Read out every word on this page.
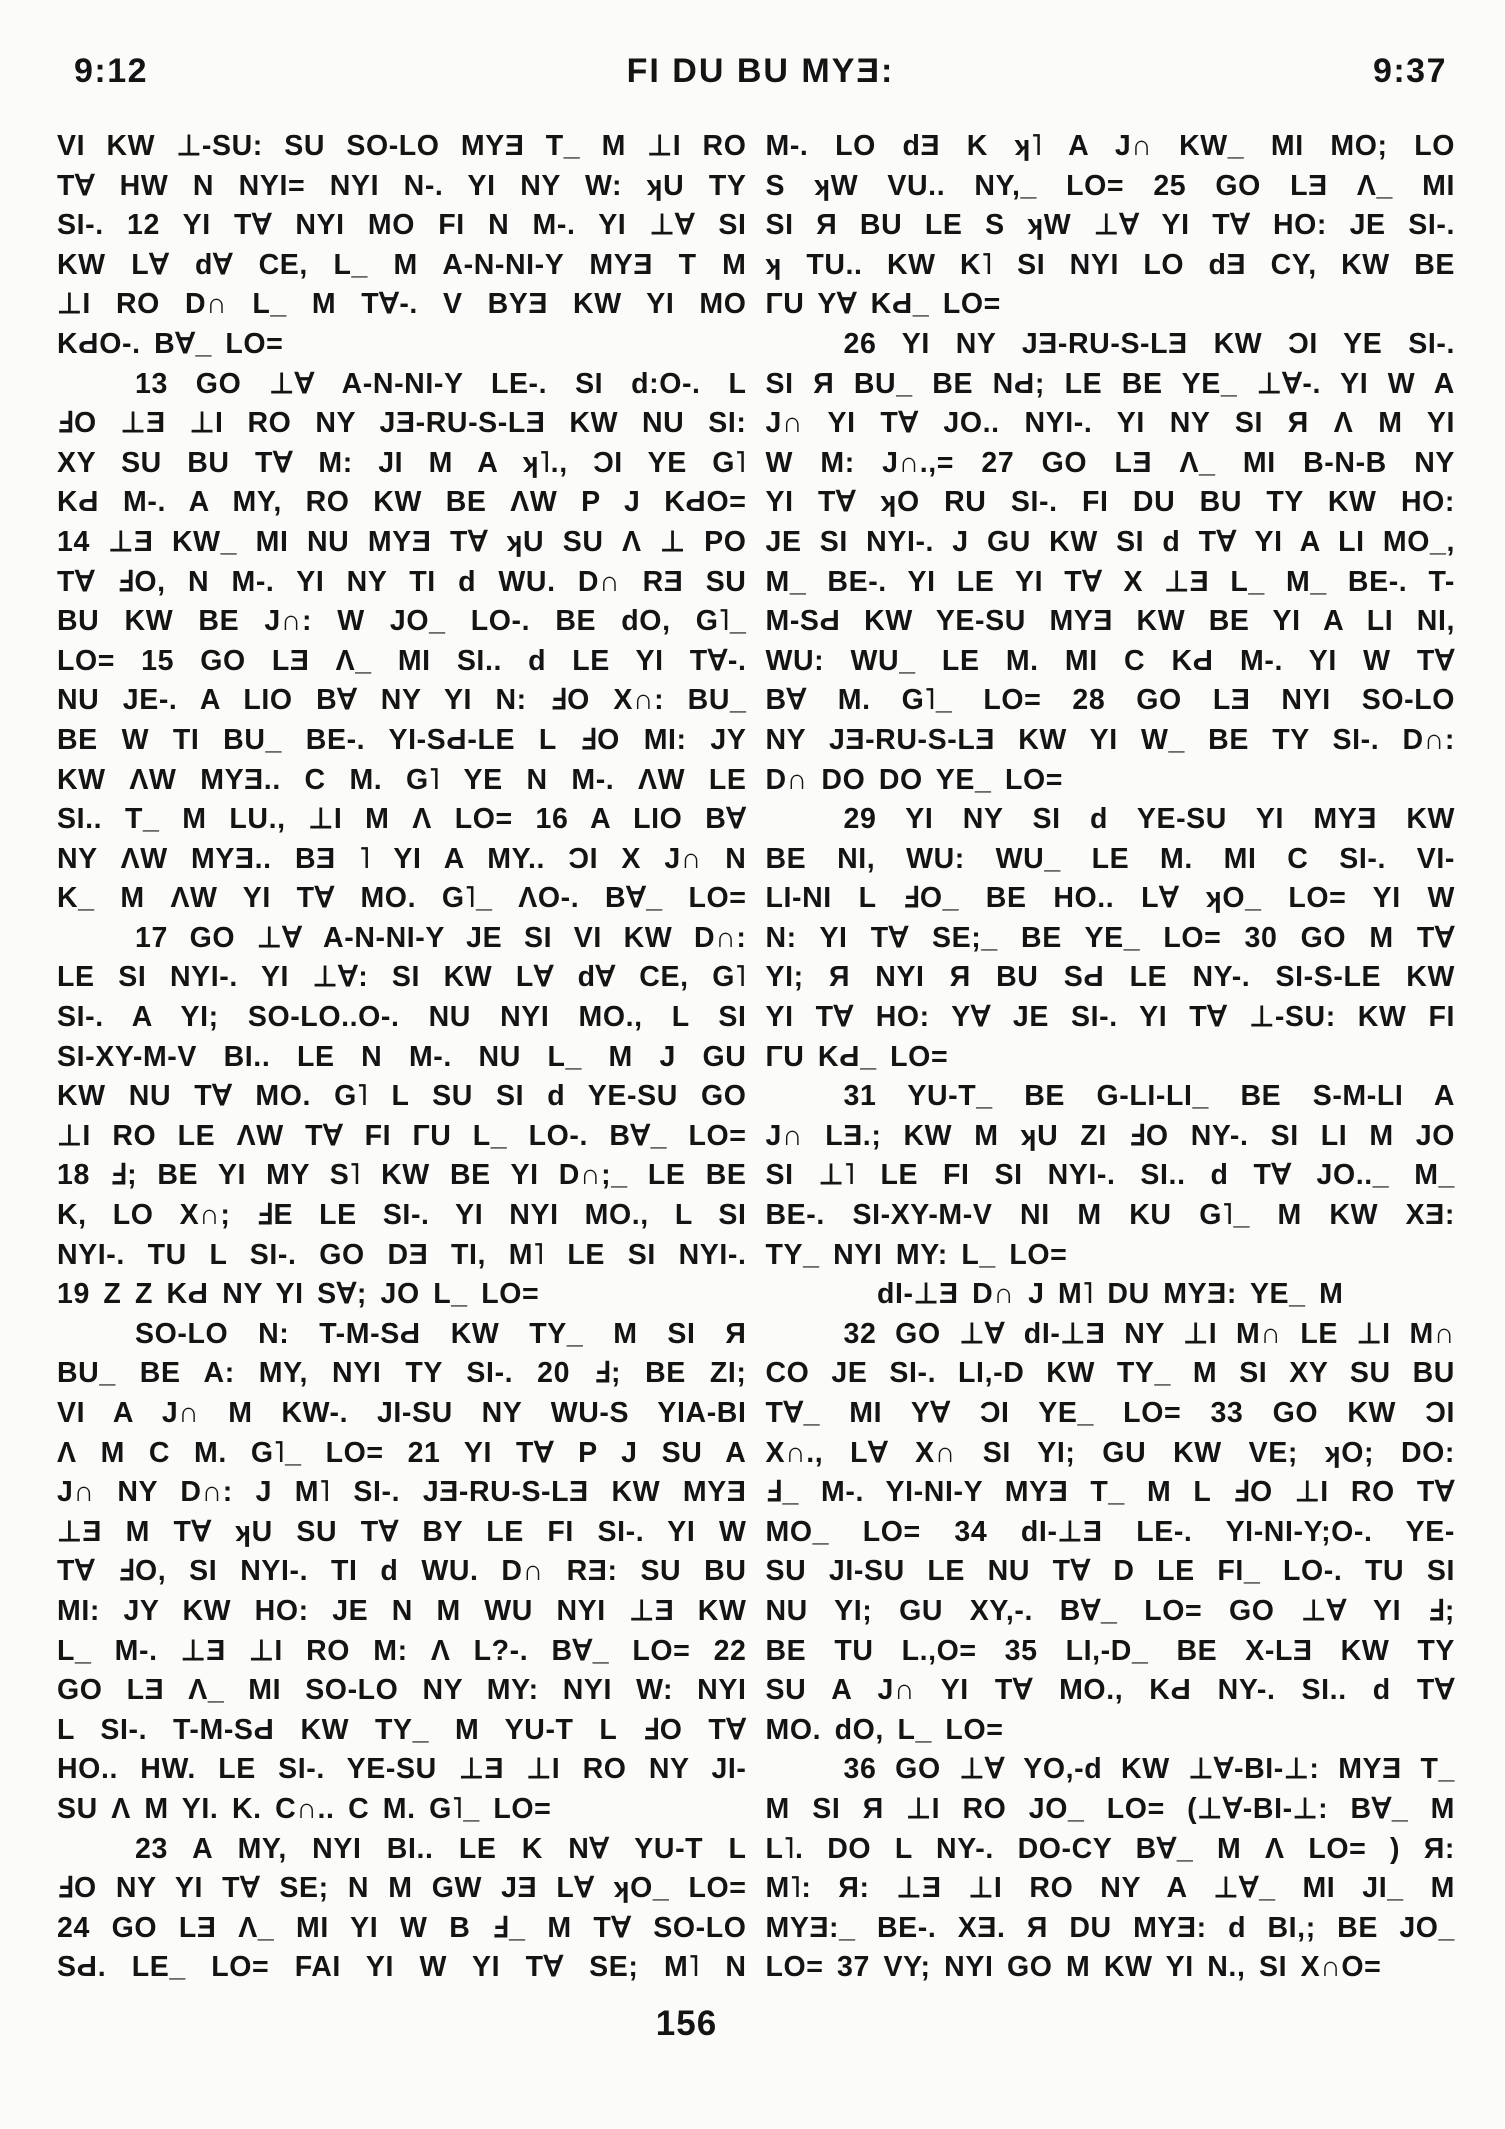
9:12	FI DU BU MYƎ:	9:37
VI KW ⊥-SU: SU SO-LO MYƎ T_ M ⊥I RO
T∀ HW N NYI= NYI N-. YI NY W: ʞU TY
SI-. 12 YI T∀ NYI MO FI N M-. YI ⊥∀ SI
KW L∀ d∀ CE, L_ M A-N-NI-Y MYƎ T M
⊥I RO D∩ L_ M T∀-. V BYƎ KW YI MO
KԀO-. B∀_ LO=
13 GO ⊥∀ A-N-NI-Y LE-. SI d:O-. L
ℲO ⊥Ǝ ⊥I RO NY JƎ-RU-S-LƎ KW NU SI:
XY SU BU T∀ M: JI M A ʞ˥., ƆI YE G˥
KԀ M-. A MY, RO KW BE ΛW P J KԀO=
14 ⊥Ǝ KW_ MI NU MYƎ T∀ ʞU SU Λ ⊥ PO
T∀ ℲO, N M-. YI NY TI d WU. D∩ RƎ SU
BU KW BE J∩: W JO_ LO-. BE dO, G˥_
LO= 15 GO LƎ Λ_ MI SI.. d LE YI T∀-.
NU JE-. A LIO B∀ NY YI N: ℲO X∩: BU_
BE W TI BU_ BE-. YI-SԀ-LE L ℲO MI: JY
KW ΛW MYƎ.. C M. G˥ YE N M-. ΛW LE
SI.. T_ M LU., ⊥I M Λ LO= 16 A LIO B∀
NY ΛW MYƎ.. BƎ ˥ YI A MY.. ƆI X J∩ N
K_ M ΛW YI T∀ MO. G˥_ ΛO-. B∀_ LO=
17 GO ⊥∀ A-N-NI-Y JE SI VI KW D∩:
LE SI NYI-. YI ⊥∀: SI KW L∀ d∀ CE, G˥
SI-. A YI; SO-LO..O-. NU NYI MO., L SI
SI-XY-M-V BI.. LE N M-. NU L_ M J GU
KW NU T∀ MO. G˥ L SU SI d YE-SU GO
⊥I RO LE ΛW T∀ FI ΓU L_ LO-. B∀_ LO=
18 Ⅎ; BE YI MY S˥ KW BE YI D∩;_ LE BE
K, LO X∩; ℲE LE SI-. YI NYI MO., L SI
NYI-. TU L SI-. GO DƎ TI, M˥ LE SI NYI-.
19 Z Z KԀ NY YI S∀; JO L_ LO=
SO-LO N: T-M-SԀ KW TY_ M SI Я
BU_ BE A: MY, NYI TY SI-. 20 Ⅎ; BE ZI;
VI A J∩ M KW-. JI-SU NY WU-S YIA-BI
Λ M C M. G˥_ LO= 21 YI T∀ P J SU A
J∩ NY D∩: J M˥ SI-. JƎ-RU-S-LƎ KW MYƎ
⊥Ǝ M T∀ ʞU SU T∀ BY LE FI SI-. YI W
T∀ ℲO, SI NYI-. TI d WU. D∩ RƎ: SU BU
MI: JY KW HO: JE N M WU NYI ⊥Ǝ KW
L_ M-. ⊥Ǝ ⊥I RO M: Λ L?-. B∀_ LO= 22
GO LƎ Λ_ MI SO-LO NY MY: NYI W: NYI
L SI-. T-M-SԀ KW TY_ M YU-T L ℲO T∀
HO.. HW. LE SI-. YE-SU ⊥Ǝ ⊥I RO NY JI-
SU Λ M YI. K. C∩.. C M. G˥_ LO=
23 A MY, NYI BI.. LE K N∀ YU-T L
ℲO NY YI T∀ SE; N M GW JƎ L∀ ʞO_ LO=
24 GO LƎ Λ_ MI YI W B Ⅎ_ M T∀ SO-LO
SԀ. LE_ LO= FAI YI W YI T∀ SE; M˥ N
M-. LO dƎ K ʞ˥ A J∩ KW_ MI MO; LO
S ʞW VU.. NY,_ LO= 25 GO LƎ Λ_ MI
SI Я BU LE S ʞW ⊥∀ YI T∀ HO: JE SI-.
ʞ TU.. KW K˥ SI NYI LO dƎ CY, KW BE
ΓU Y∀ KԀ_ LO=
26 YI NY JƎ-RU-S-LƎ KW ƆI YE SI-.
SI Я BU_ BE NԀ; LE BE YE_ ⊥∀-. YI W A
J∩ YI T∀ JO.. NYI-. YI NY SI Я Λ M YI
W M: J∩.,= 27 GO LƎ Λ_ MI B-N-B NY
YI T∀ ʞO RU SI-. FI DU BU TY KW HO:
JE SI NYI-. J GU KW SI d T∀ YI A LI MO_,
M_ BE-. YI LE YI T∀ X ⊥Ǝ L_ M_ BE-. T-
M-SԀ KW YE-SU MYƎ KW BE YI A LI NI,
WU: WU_ LE M. MI C KԀ M-. YI W T∀
B∀ M. G˥_ LO= 28 GO LƎ NYI SO-LO
NY JƎ-RU-S-LƎ KW YI W_ BE TY SI-. D∩:
D∩ DO DO YE_ LO=
29 YI NY SI d YE-SU YI MYƎ KW
BE NI, WU: WU_ LE M. MI C SI-. VI-
LI-NI L ℲO_ BE HO.. L∀ ʞO_ LO= YI W
N: YI T∀ SE;_ BE YE_ LO= 30 GO M T∀
YI; Я NYI Я BU SԀ LE NY-. SI-S-LE KW
YI T∀ HO: Y∀ JE SI-. YI T∀ ⊥-SU: KW FI
ΓU KԀ_ LO=
31 YU-T_ BE G-LI-LI_ BE S-M-LI A
J∩ LƎ.; KW M ʞU ZI ℲO NY-. SI LI M JO
SI ⊥˥ LE FI SI NYI-. SI.. d T∀ JO.._ M_
BE-. SI-XY-M-V NI M KU G˥_ M KW XƎ:
TY_ NYI MY: L_ LO=
dI-⊥Ǝ D∩ J M˥ DU MYƎ: YE_ M
32 GO ⊥∀ dI-⊥Ǝ NY ⊥I M∩ LE ⊥I M∩
CO JE SI-. LI,-D KW TY_ M SI XY SU BU
T∀_ MI Y∀ ƆI YE_ LO= 33 GO KW ƆI
X∩., L∀ X∩ SI YI; GU KW VE; ʞO; DO:
Ⅎ_ M-. YI-NI-Y MYƎ T_ M L ℲO ⊥I RO T∀
MO_ LO= 34 dI-⊥Ǝ LE-. YI-NI-Y;O-. YE-
SU JI-SU LE NU T∀ D LE FI_ LO-. TU SI
NU YI; GU XY,-. B∀_ LO= GO ⊥∀ YI Ⅎ;
BE TU L.,O= 35 LI,-D_ BE X-LƎ KW TY
SU A J∩ YI T∀ MO., KԀ NY-. SI.. d T∀
MO. dO, L_ LO=
36 GO ⊥∀ YO,-d KW ⊥∀-BI-⊥: MYƎ T_
M SI Я ⊥I RO JO_ LO= (⊥∀-BI-⊥: B∀_ M
L˥. DO L NY-. DO-CY B∀_ M Λ LO= ) Я:
M˥: Я: ⊥Ǝ ⊥I RO NY A ⊥∀_ MI JI_ M
MYƎ:_ BE-. XƎ. Я DU MYƎ: d BI,; BE JO_
LO= 37 VY; NYI GO M KW YI N., SI X∩O=
156
